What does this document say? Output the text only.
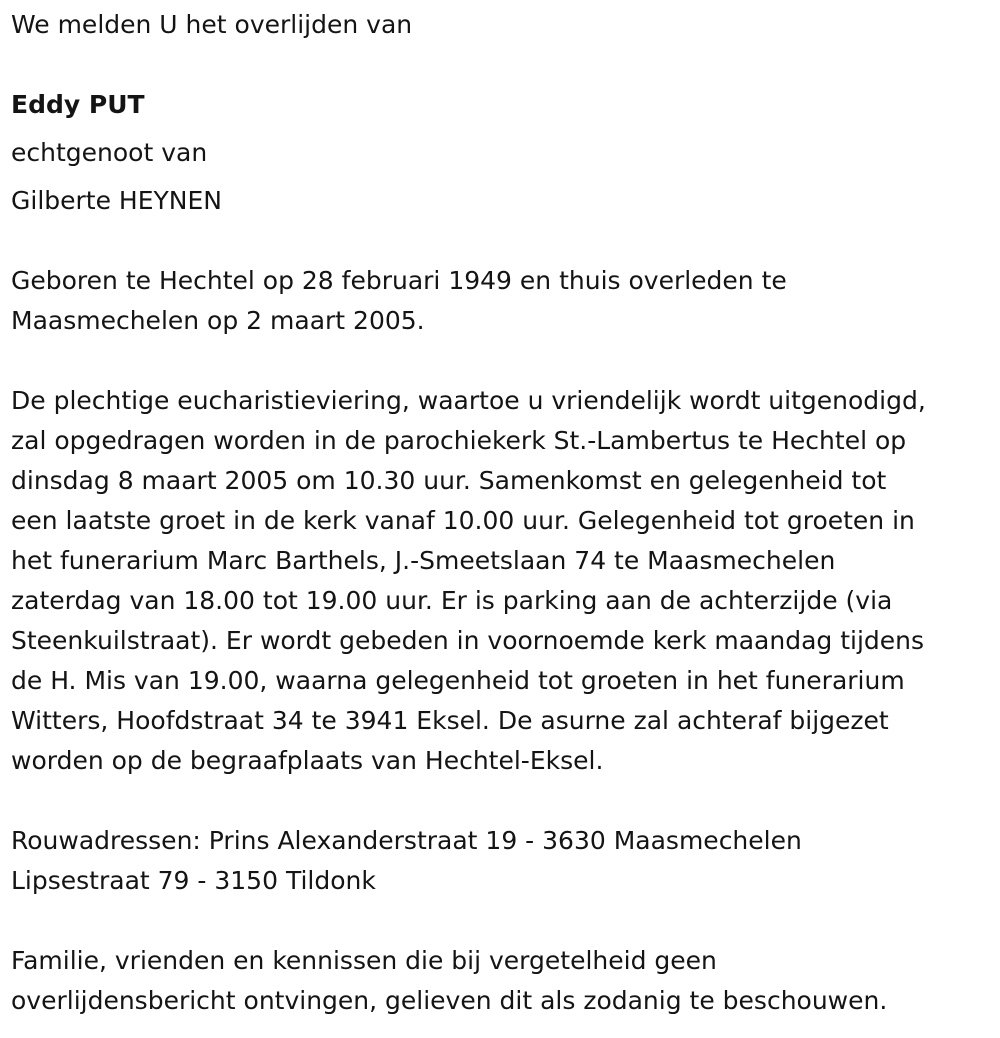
We melden U het overlijden van
Eddy PUT
echtgenoot van
Gilberte HEYNEN
Geboren te Hechtel op 28 februari 1949 en thuis overleden te
Maasmechelen op 2 maart 2005.
De plechtige eucharistieviering, waartoe u vriendelijk wordt uitgenodigd,
zal opgedragen worden in de parochiekerk St.-Lambertus te Hechtel op
dinsdag 8 maart 2005 om 10.30 uur. Samenkomst en gelegenheid tot
een laatste groet in de kerk vanaf 10.00 uur. Gelegenheid tot groeten in
het funerarium Marc Barthels, J.-Smeetslaan 74 te Maasmechelen
zaterdag van 18.00 tot 19.00 uur. Er is parking aan de achterzijde (via
Steenkuilstraat). Er wordt gebeden in voornoemde kerk maandag tijdens
de H. Mis van 19.00, waarna gelegenheid tot groeten in het funerarium
Witters, Hoofdstraat 34 te 3941 Eksel. De asurne zal achteraf bijgezet
worden op de begraafplaats van Hechtel-Eksel.
Rouwadressen: Prins Alexanderstraat 19 - 3630 Maasmechelen
Lipsestraat 79 - 3150 Tildonk
Familie, vrienden en kennissen die bij vergetelheid geen
overlijdensbericht ontvingen, gelieven dit als zodanig te beschouwen.
